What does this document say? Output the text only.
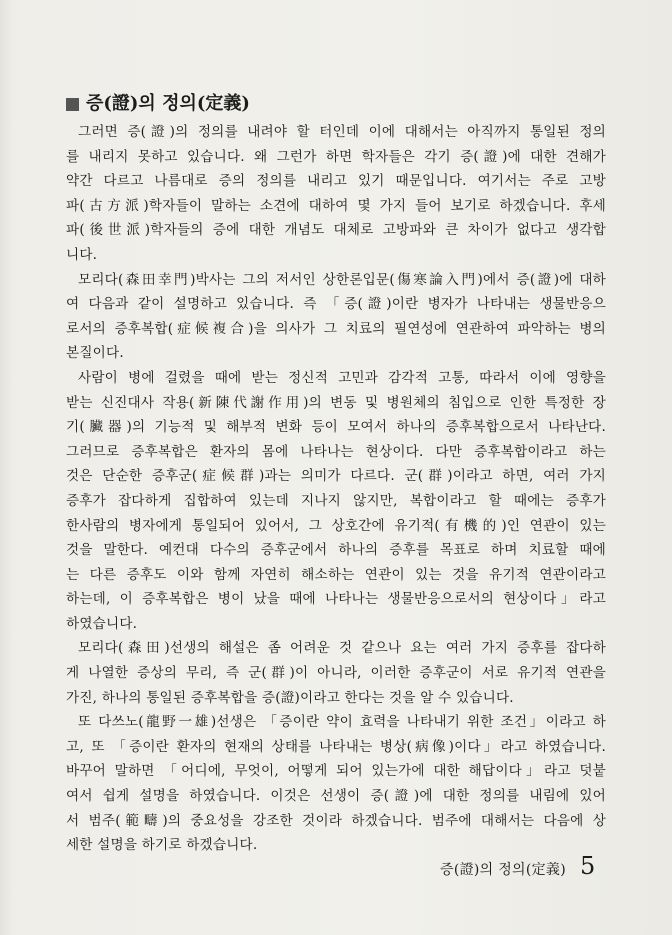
증(證)의 정의(定義)
그러면 증(證)의 정의를 내려야 할 터인데 이에 대해서는 아직까지 통일된 정의
를 내리지 못하고 있습니다. 왜 그런가 하면 학자들은 각기 증(證)에 대한 견해가
약간 다르고 나름대로 증의 정의를 내리고 있기 때문입니다. 여기서는 주로 고방
파(古方派)학자들이 말하는 소견에 대하여 몇 가지 들어 보기로 하겠습니다. 후세
파(後世派)학자들의 증에 대한 개념도 대체로 고방파와 큰 차이가 없다고 생각합
니다.
모리다(森田幸門)박사는 그의 저서인 상한론입문(傷寒論入門)에서 증(證)에 대하
여 다음과 같이 설명하고 있습니다. 즉 「증(證)이란 병자가 나타내는 생물반응으
로서의 증후복합(症候複合)을 의사가 그 치료의 필연성에 연관하여 파악하는 병의
본질이다.
사람이 병에 걸렸을 때에 받는 정신적 고민과 감각적 고통, 따라서 이에 영향을
받는 신진대사 작용(新陳代謝作用)의 변동 및 병원체의 침입으로 인한 특정한 장
기(臟器)의 기능적 및 해부적 변화 등이 모여서 하나의 증후복합으로서 나타난다.
그러므로 증후복합은 환자의 몸에 나타나는 현상이다. 다만 증후복합이라고 하는
것은 단순한 증후군(症候群)과는 의미가 다르다. 군(群)이라고 하면, 여러 가지
증후가 잡다하게 집합하여 있는데 지나지 않지만, 복합이라고 할 때에는 증후가
한사람의 병자에게 통일되어 있어서, 그 상호간에 유기적(有機的)인 연관이 있는
것을 말한다. 예컨대 다수의 증후군에서 하나의 증후를 목표로 하며 치료할 때에
는 다른 증후도 이와 함께 자연히 해소하는 연관이 있는 것을 유기적 연관이라고
하는데, 이 증후복합은 병이 났을 때에 나타나는 생물반응으로서의 현상이다」라고
하였습니다.
모리다(森田)선생의 해설은 좀 어려운 것 같으나 요는 여러 가지 증후를 잡다하
게 나열한 증상의 무리, 즉 군(群)이 아니라, 이러한 증후군이 서로 유기적 연관을
가진, 하나의 통일된 증후복합을 증(證)이라고 한다는 것을 알 수 있습니다.
또 다쓰노(龍野一雄)선생은 「증이란 약이 효력을 나타내기 위한 조건」이라고 하
고, 또 「증이란 환자의 현재의 상태를 나타내는 병상(病像)이다」라고 하였습니다.
바꾸어 말하면 「어디에, 무엇이, 어떻게 되어 있는가에 대한 해답이다」라고 덧붙
여서 쉽게 설명을 하였습니다. 이것은 선생이 증(證)에 대한 정의를 내림에 있어
서 범주(範疇)의 중요성을 강조한 것이라 하겠습니다. 범주에 대해서는 다음에 상
세한 설명을 하기로 하겠습니다.
증(證)의 정의(定義) 5
